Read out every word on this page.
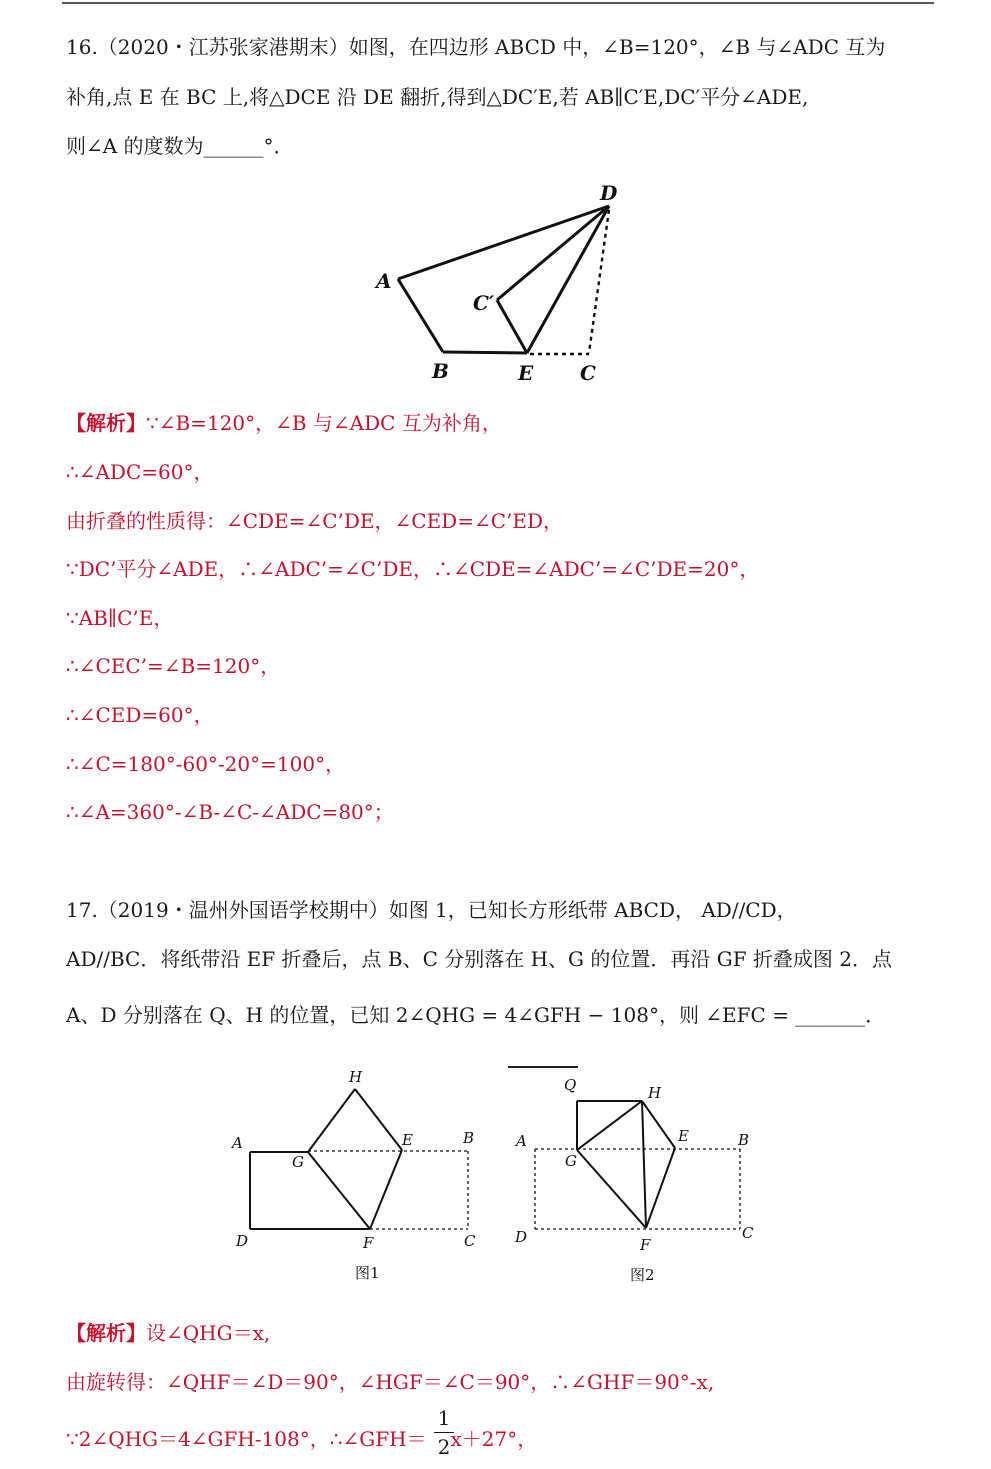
16.（2020・江苏张家港期末）如图，在四边形 ABCD 中，∠B=120°，∠B 与∠ADC 互为
补角,点 E 在 BC 上,将△DCE 沿 DE 翻折,得到△DC′E,若 AB∥C′E,DC′平分∠ADE,
则∠A 的度数为______°．
A
B	C
D
E
C′
【解析】∵∠B=120°，∠B 与∠ADC 互为补角，
∴∠ADC=60°，
由折叠的性质得：∠CDE=∠C’DE，∠CED=∠C’ED，
∵DC’平分∠ADE，∴∠ADC’=∠C’DE，∴∠CDE=∠ADC’=∠C’DE=20°，
∵AB∥C’E，
∴∠CEC’=∠B=120°，
∴∠CED=60°，
∴∠C=180°-60°-20°=100°，
∴∠A=360°-∠B-∠C-∠ADC=80°；
17.（2019・温州外国语学校期中）如图 1，已知长方形纸带 ABCD， AD//CD，
AD//BC．将纸带沿 EF 折叠后，点 B、C 分别落在 H、G 的位置．再沿 GF 折叠成图 2．点
A、D 分别落在 Q、H 的位置，已知 2∠QHG = 4∠GFH − 108°，则 ∠EFC = _______．
A	B
C
D
E
F
G
H
图1
A	B
C
D
E
F
G
H
Q
图2
【解析】设∠QHG＝x,
由旋转得：∠QHF＝∠D＝90°，∠HGF＝∠C＝90°，∴∠GHF＝90°-x,
∵2∠QHG＝4∠GFH-108°，∴∠GFH＝ x＋27°，
1
2
